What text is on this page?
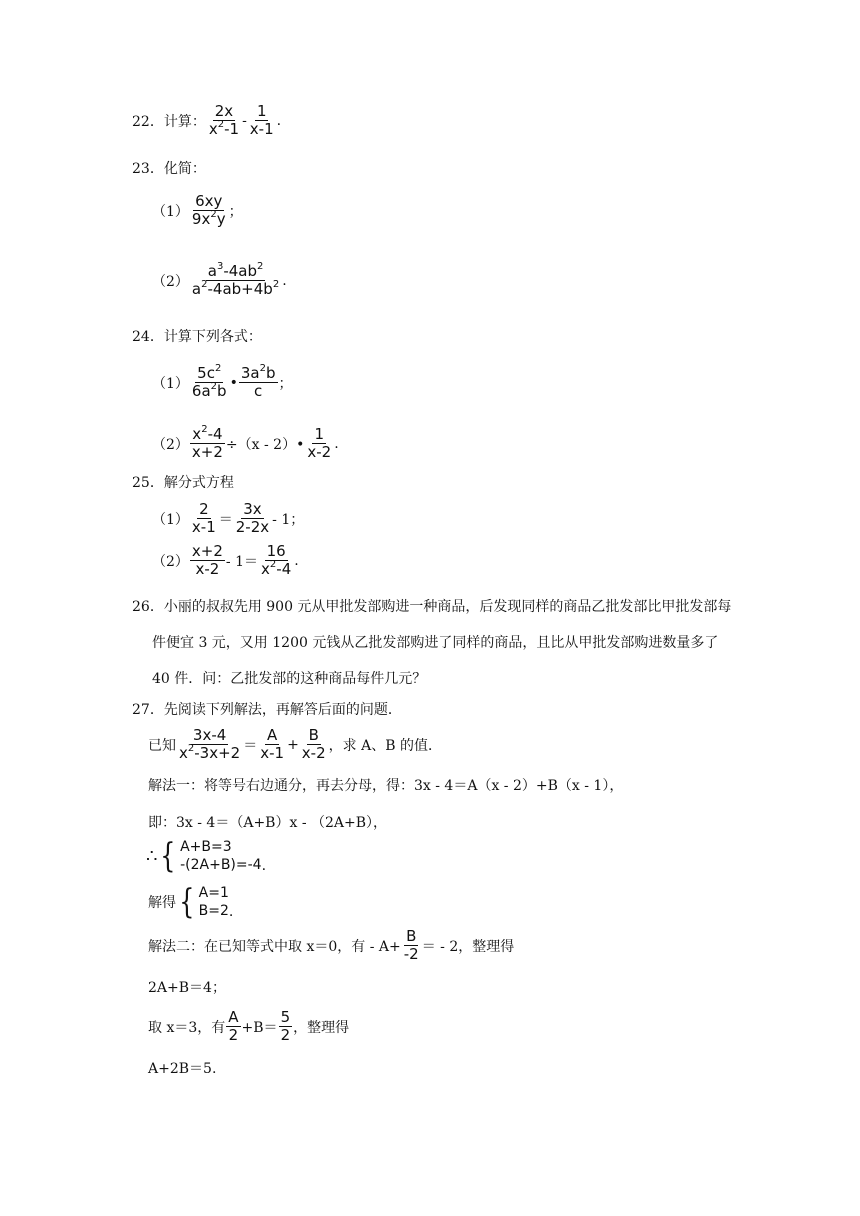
22．计算： $\frac{2x}{x^2-1} - \frac{1}{x-1}$ .
23．化简：
$(1) \frac{6xy}{9x^2y}$ ；
$(2) \frac{a^3-4ab^2}{a^2-4ab+4b^2}$ .
24．计算下列各式：
$(1) \frac{5c^2}{6a^2b}$ • $\frac{3a^2b}{c}$ ；
$(2) \frac{x^2-4}{x+2} \div(x$ - 2）• $\frac{1}{x-2}$ .
25．解分式方程
$(1) \frac{2}{x-1} = \frac{3x}{2-2x} - 1$；
$(2) \frac{x+2}{x-2} - 1= \frac{16}{x^2-4}$ .
26．小丽的叔叔先用 900 元从甲批发部购进一种商品，后发现同样的商品乙批发部比甲批发部每
件便宜 3 元，又用 1200 元钱从乙批发部购进了同样的商品，且比从甲批发部购进数量多了
40 件．问：乙批发部的这种商品每件几元？
27．先阅读下列解法，再解答后面的问题．
已知 $\frac{3x-4}{x^2-3x+2} = \frac{A}{x-1} + \frac{B}{x-2}$ ，求 A、B 的值．
解法一：将等号右边通分，再去分母，得：3x - 4＝A（x - 2）+B（x - 1），
即：3x - 4＝（A+B）x - （2A+B），
∴ { A+B=3
-(2A+B)=-4 .
解得 { A=1
B=2 .
解法二：在已知等式中取 x＝0，有 - $A+ \frac{B}{-2}$ ＝ - 2，整理得
2A+B＝4；
取 x＝3，有 $\frac{A}{2} +B= \frac{5}{2}$ ，整理得
A+2B＝5.
